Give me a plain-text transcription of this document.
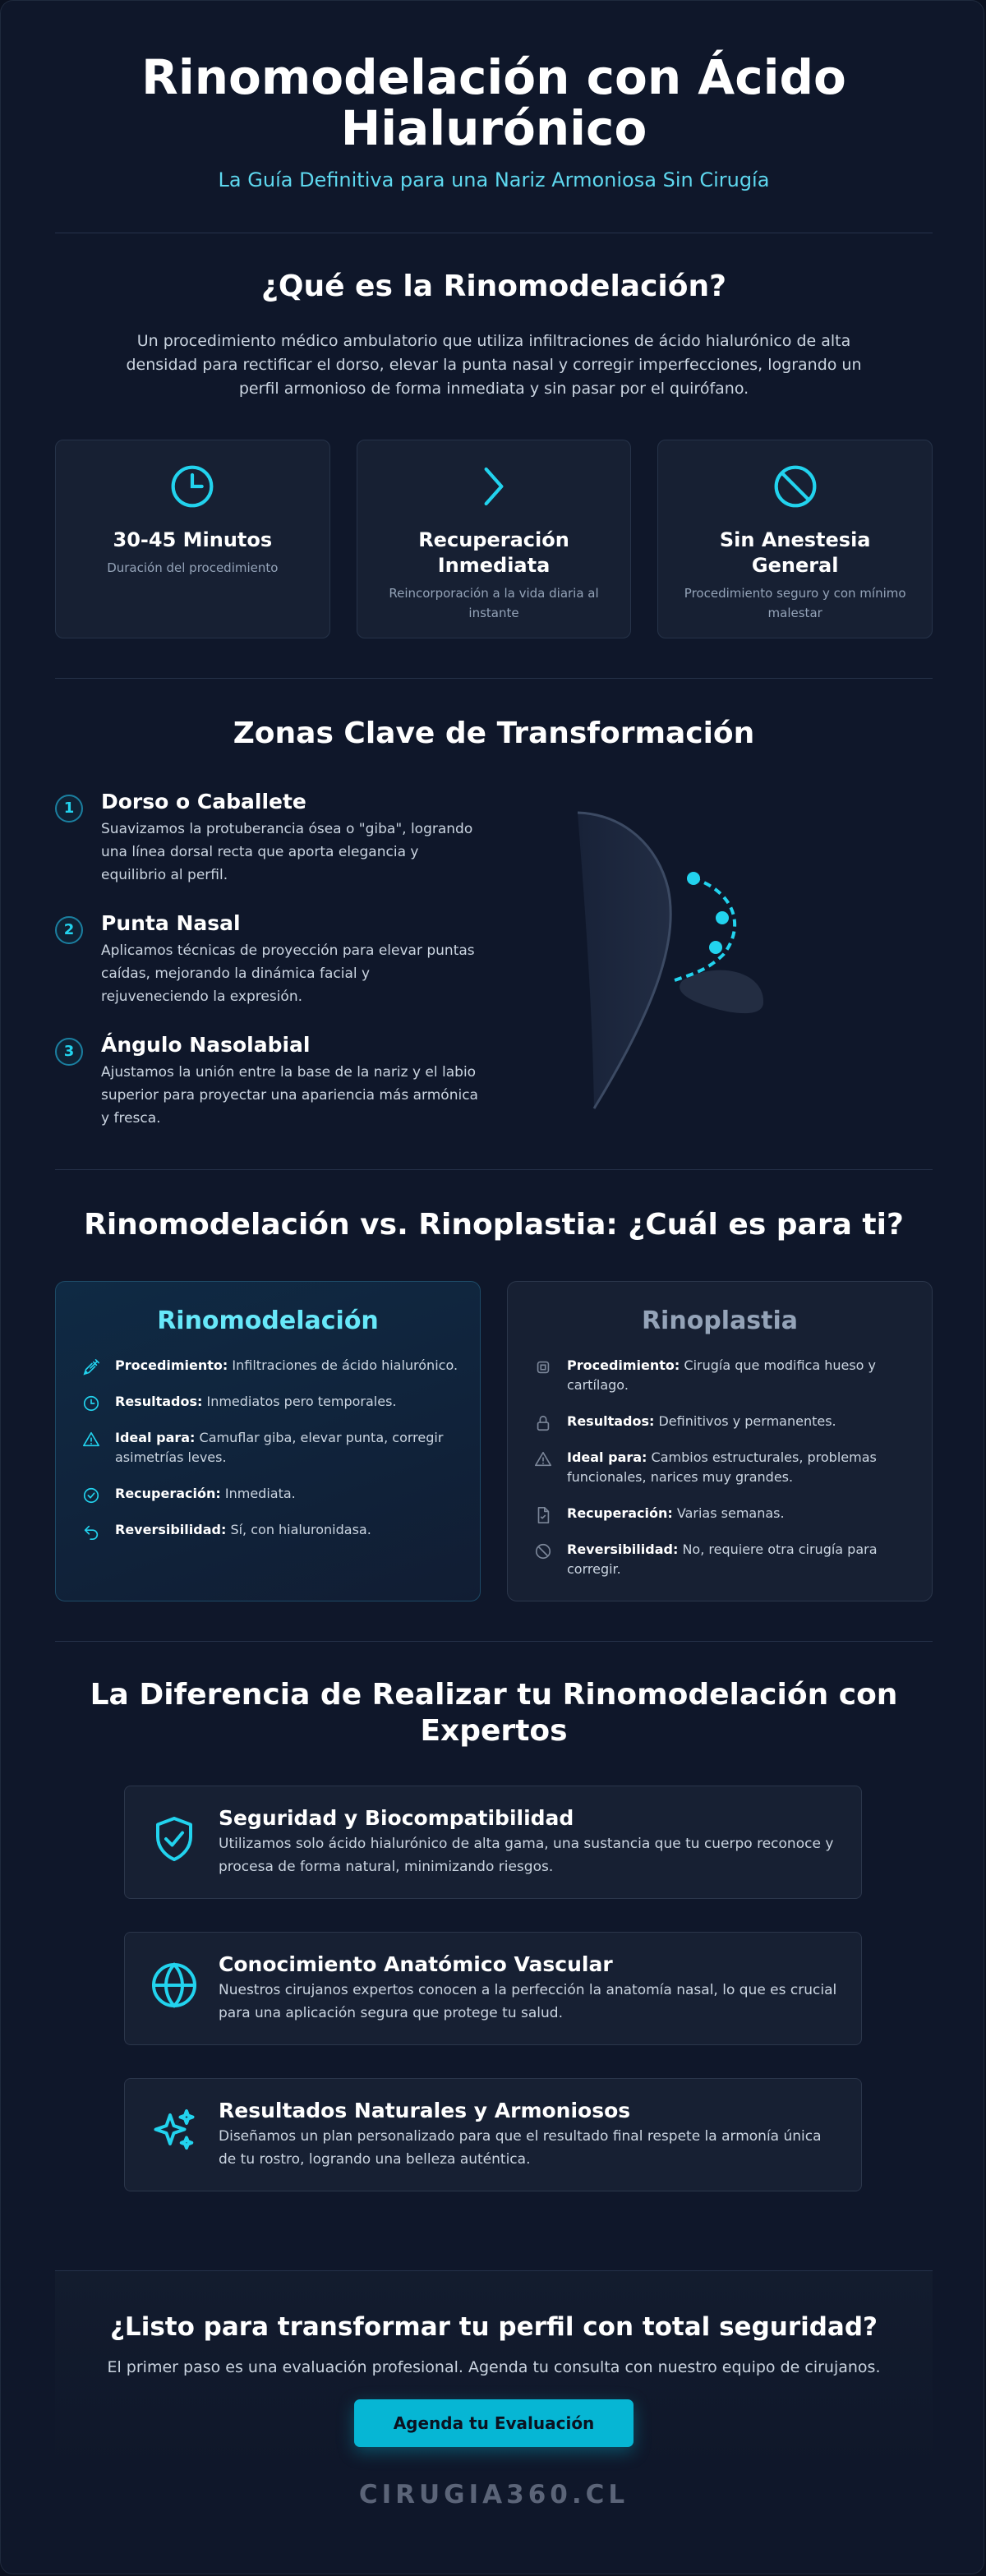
Rinomodelación con Ácido Hialurónico
La Guía Definitiva para una Nariz Armoniosa Sin Cirugía
¿Qué es la Rinomodelación?
Un procedimiento médico ambulatorio que utiliza infiltraciones de ácido hialurónico de alta densidad para rectificar el dorso, elevar la punta nasal y corregir imperfecciones, logrando un perfil armonioso de forma inmediata y sin pasar por el quirófano.
30-45 Minutos
Duración del procedimiento
Recuperación Inmediata
Reincorporación a la vida diaria al instante
Sin Anestesia General
Procedimiento seguro y con mínimo malestar
Zonas Clave de Transformación
1	Dorso o Caballete
Suavizamos la protuberancia ósea o "giba", logrando una línea dorsal recta que aporta elegancia y equilibrio al perfil.
2	Punta Nasal
Aplicamos técnicas de proyección para elevar puntas caídas, mejorando la dinámica facial y rejuveneciendo la expresión.
3	Ángulo Nasolabial
Ajustamos la unión entre la base de la nariz y el labio superior para proyectar una apariencia más armónica y fresca.
Rinomodelación vs. Rinoplastia: ¿Cuál es para ti?
Rinomodelación
Procedimiento: Infiltraciones de ácido hialurónico.
Resultados: Inmediatos pero temporales.
Ideal para: Camuflar giba, elevar punta, corregir asimetrías leves.
Recuperación: Inmediata.
Reversibilidad: Sí, con hialuronidasa.
Rinoplastia
Procedimiento: Cirugía que modifica hueso y cartílago.
Resultados: Definitivos y permanentes.
Ideal para: Cambios estructurales, problemas funcionales, narices muy grandes.
Recuperación: Varias semanas.
Reversibilidad: No, requiere otra cirugía para corregir.
La Diferencia de Realizar tu Rinomodelación con Expertos
Seguridad y Biocompatibilidad
Utilizamos solo ácido hialurónico de alta gama, una sustancia que tu cuerpo reconoce y procesa de forma natural, minimizando riesgos.
Conocimiento Anatómico Vascular
Nuestros cirujanos expertos conocen a la perfección la anatomía nasal, lo que es crucial para una aplicación segura que protege tu salud.
Resultados Naturales y Armoniosos
Diseñamos un plan personalizado para que el resultado final respete la armonía única de tu rostro, logrando una belleza auténtica.
¿Listo para transformar tu perfil con total seguridad?
El primer paso es una evaluación profesional. Agenda tu consulta con nuestro equipo de cirujanos.
Agenda tu Evaluación
CIRUGIA360.CL
